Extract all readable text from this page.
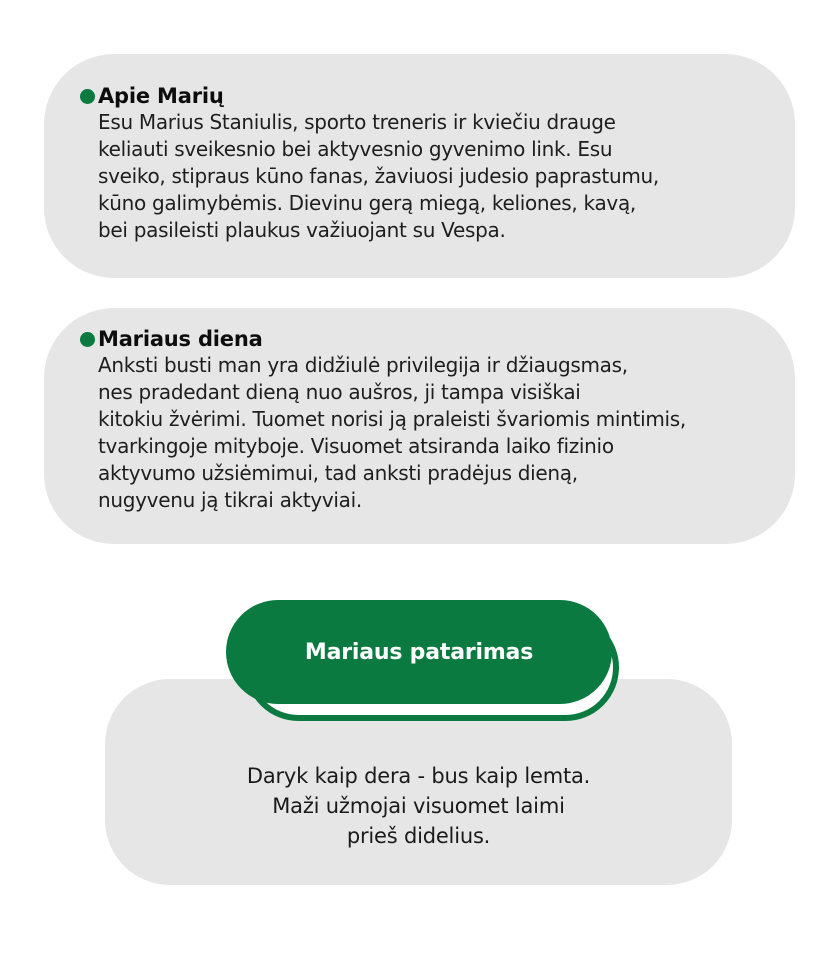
Apie Marių
Esu Marius Staniulis, sporto treneris ir kviečiu drauge
keliauti sveikesnio bei aktyvesnio gyvenimo link. Esu
sveiko, stipraus kūno fanas, žaviuosi judesio paprastumu,
kūno galimybėmis. Dievinu gerą miegą, keliones, kavą,
bei pasileisti plaukus važiuojant su Vespa.
Mariaus diena
Anksti busti man yra didžiulė privilegija ir džiaugsmas,
nes pradedant dieną nuo aušros, ji tampa visiškai
kitokiu žvėrimi. Tuomet norisi ją praleisti švariomis mintimis,
tvarkingoje mityboje. Visuomet atsiranda laiko fizinio
aktyvumo užsiėmimui, tad anksti pradėjus dieną,
nugyvenu ją tikrai aktyviai.
Mariaus patarimas
Daryk kaip dera - bus kaip lemta.
Maži užmojai visuomet laimi
prieš didelius.
